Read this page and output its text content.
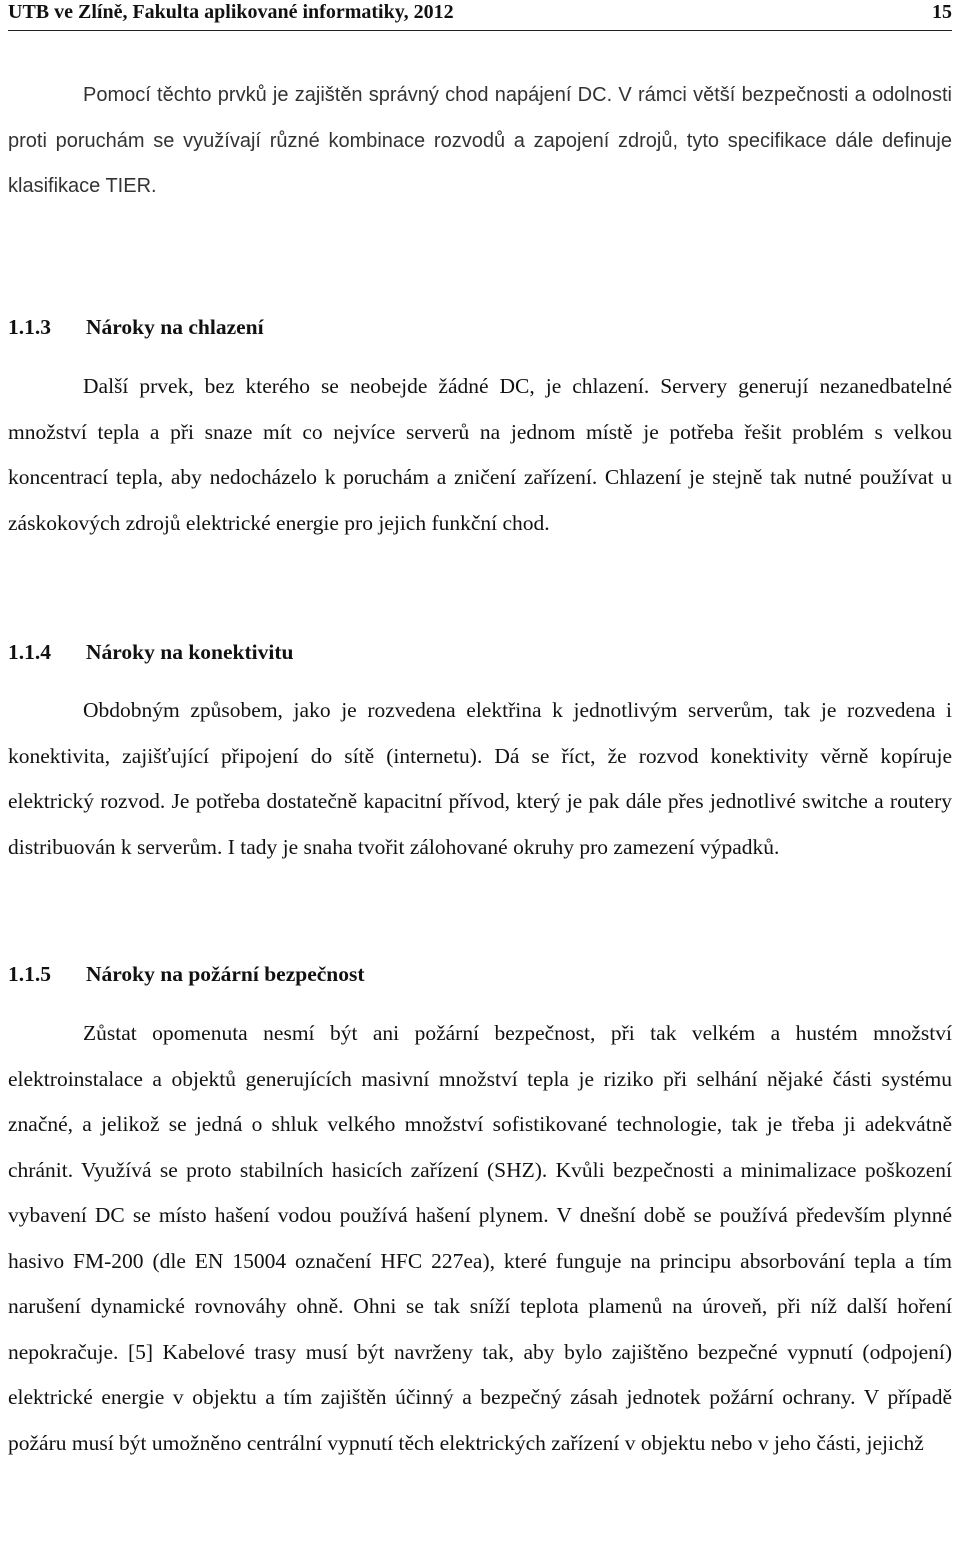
UTB ve Zlíně, Fakulta aplikované informatiky, 2012	15

Pomocí těchto prvků je zajištěn správný chod napájení DC. V rámci větší bezpečnosti a odolnosti proti poruchám se využívají různé kombinace rozvodů a zapojení zdrojů, tyto specifikace dále definuje klasifikace TIER.

1.1.3 Nároky na chlazení

Další prvek, bez kterého se neobejde žádné DC, je chlazení. Servery generují nezanedbatelné množství tepla a při snaze mít co nejvíce serverů na jednom místě je potřeba řešit problém s velkou koncentrací tepla, aby nedocházelo k poruchám a zničení zařízení. Chlazení je stejně tak nutné používat u záskokových zdrojů elektrické energie pro jejich funkční chod.

1.1.4 Nároky na konektivitu

Obdobným způsobem, jako je rozvedena elektřina k jednotlivým serverům, tak je rozvedena i konektivita, zajišťující připojení do sítě (internetu). Dá se říct, že rozvod konektivity věrně kopíruje elektrický rozvod. Je potřeba dostatečně kapacitní přívod, který je pak dále přes jednotlivé switche a routery distribuován k serverům. I tady je snaha tvořit zálohované okruhy pro zamezení výpadků.

1.1.5 Nároky na požární bezpečnost

Zůstat opomenuta nesmí být ani požární bezpečnost, při tak velkém a hustém množství elektroinstalace a objektů generujících masivní množství tepla je riziko při selhání nějaké části systému značné, a jelikož se jedná o shluk velkého množství sofistikované technologie, tak je třeba ji adekvátně chránit. Využívá se proto stabilních hasicích zařízení (SHZ). Kvůli bezpečnosti a minimalizace poškození vybavení DC se místo hašení vodou používá hašení plynem. V dnešní době se používá především plynné hasivo FM-200 (dle EN 15004 označení HFC 227ea), které funguje na principu absorbování tepla a tím narušení dynamické rovnováhy ohně. Ohni se tak sníží teplota plamenů na úroveň, při níž další hoření nepokračuje. [5] Kabelové trasy musí být navrženy tak, aby bylo zajištěno bezpečné vypnutí (odpojení) elektrické energie v objektu a tím zajištěn účinný a bezpečný zásah jednotek požární ochrany. V případě požáru musí být umožněno centrální vypnutí těch elektrických zařízení v objektu nebo v jeho části, jejichž
